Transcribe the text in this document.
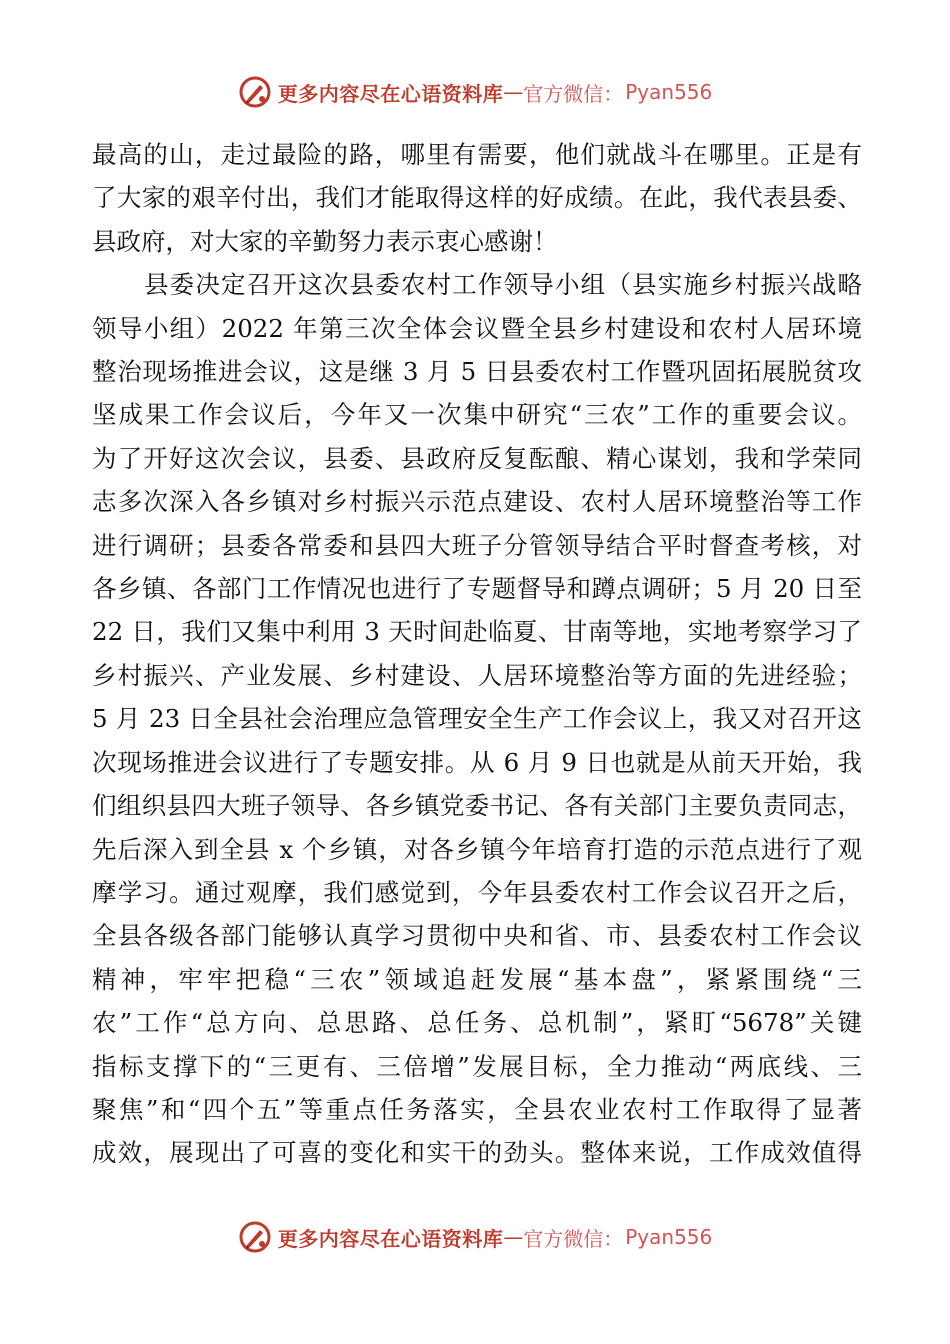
更多内容尽在心语资料库 — 官方微信： Pyan556

最高的山，走过最险的路，哪里有需要，他们就战斗在哪里。正是有
了大家的艰辛付出，我们才能取得这样的好成绩。在此，我代表县委、
县政府，对大家的辛勤努力表示衷心感谢！

县委决定召开这次县委农村工作领导小组（县实施乡村振兴战略
领导小组）2022 年第三次全体会议暨全县乡村建设和农村人居环境
整治现场推进会议，这是继 3 月 5 日县委农村工作暨巩固拓展脱贫攻
坚成果工作会议后，今年又一次集中研究“三农”工作的重要会议。
为了开好这次会议，县委、县政府反复酝酿、精心谋划，我和学荣同
志多次深入各乡镇对乡村振兴示范点建设、农村人居环境整治等工作
进行调研；县委各常委和县四大班子分管领导结合平时督查考核，对
各乡镇、各部门工作情况也进行了专题督导和蹲点调研；5 月 20 日至
22 日，我们又集中利用 3 天时间赴临夏、甘南等地，实地考察学习了
乡村振兴、产业发展、乡村建设、人居环境整治等方面的先进经验；
5 月 23 日全县社会治理应急管理安全生产工作会议上，我又对召开这
次现场推进会议进行了专题安排。从 6 月 9 日也就是从前天开始，我
们组织县四大班子领导、各乡镇党委书记、各有关部门主要负责同志，
先后深入到全县 x 个乡镇，对各乡镇今年培育打造的示范点进行了观
摩学习。通过观摩，我们感觉到，今年县委农村工作会议召开之后，
全县各级各部门能够认真学习贯彻中央和省、市、县委农村工作会议
精神，牢牢把稳“三农”领域追赶发展“基本盘”，紧紧围绕“三
农”工作“总方向、总思路、总任务、总机制”，紧盯“5678”关键
指标支撑下的“三更有、三倍增”发展目标，全力推动“两底线、三
聚焦”和“四个五”等重点任务落实，全县农业农村工作取得了显著
成效，展现出了可喜的变化和实干的劲头。整体来说，工作成效值得

更多内容尽在心语资料库 — 官方微信： Pyan556
